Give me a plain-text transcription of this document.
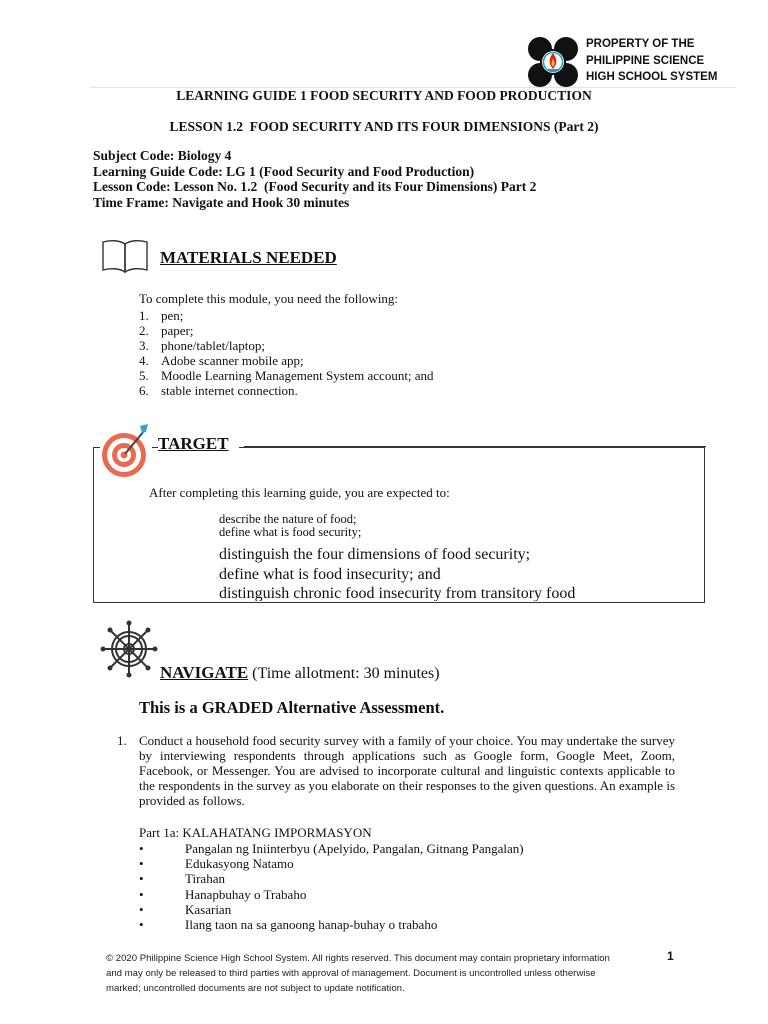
PROPERTY OF THE
PHILIPPINE SCIENCE
HIGH SCHOOL SYSTEM
LEARNING GUIDE 1 FOOD SECURITY AND FOOD PRODUCTION
LESSON 1.2  FOOD SECURITY AND ITS FOUR DIMENSIONS (Part 2)
Subject Code: Biology 4
Learning Guide Code: LG 1 (Food Security and Food Production)
Lesson Code: Lesson No. 1.2  (Food Security and its Four Dimensions) Part 2
Time Frame: Navigate and Hook 30 minutes
MATERIALS NEEDED
To complete this module, you need the following:
1. pen;
2. paper;
3. phone/tablet/laptop;
4. Adobe scanner mobile app;
5. Moodle Learning Management System account; and
6. stable internet connection.
TARGET
After completing this learning guide, you are expected to:
describe the nature of food;
define what is food security;
distinguish the four dimensions of food security;
define what is food insecurity; and
distinguish chronic food insecurity from transitory food
NAVIGATE (Time allotment: 30 minutes)
This is a GRADED Alternative Assessment.
1. Conduct a household food security survey with a family of your choice. You may undertake the survey by interviewing respondents through applications such as Google form, Google Meet, Zoom, Facebook, or Messenger. You are advised to incorporate cultural and linguistic contexts applicable to the respondents in the survey as you elaborate on their responses to the given questions. An example is provided as follows.
Part 1a: KALAHATANG IMPORMASYON
•	Pangalan ng Iniinterbyu (Apelyido, Pangalan, Gitnang Pangalan)
•	Edukasyong Natamo
•	Tirahan
•	Hanapbuhay o Trabaho
•	Kasarian
•	Ilang taon na sa ganoong hanap-buhay o trabaho
© 2020 Philippine Science High School System. All rights reserved. This document may contain proprietary information and may only be released to third parties with approval of management. Document is uncontrolled unless otherwise marked; uncontrolled documents are not subject to update notification.
1
